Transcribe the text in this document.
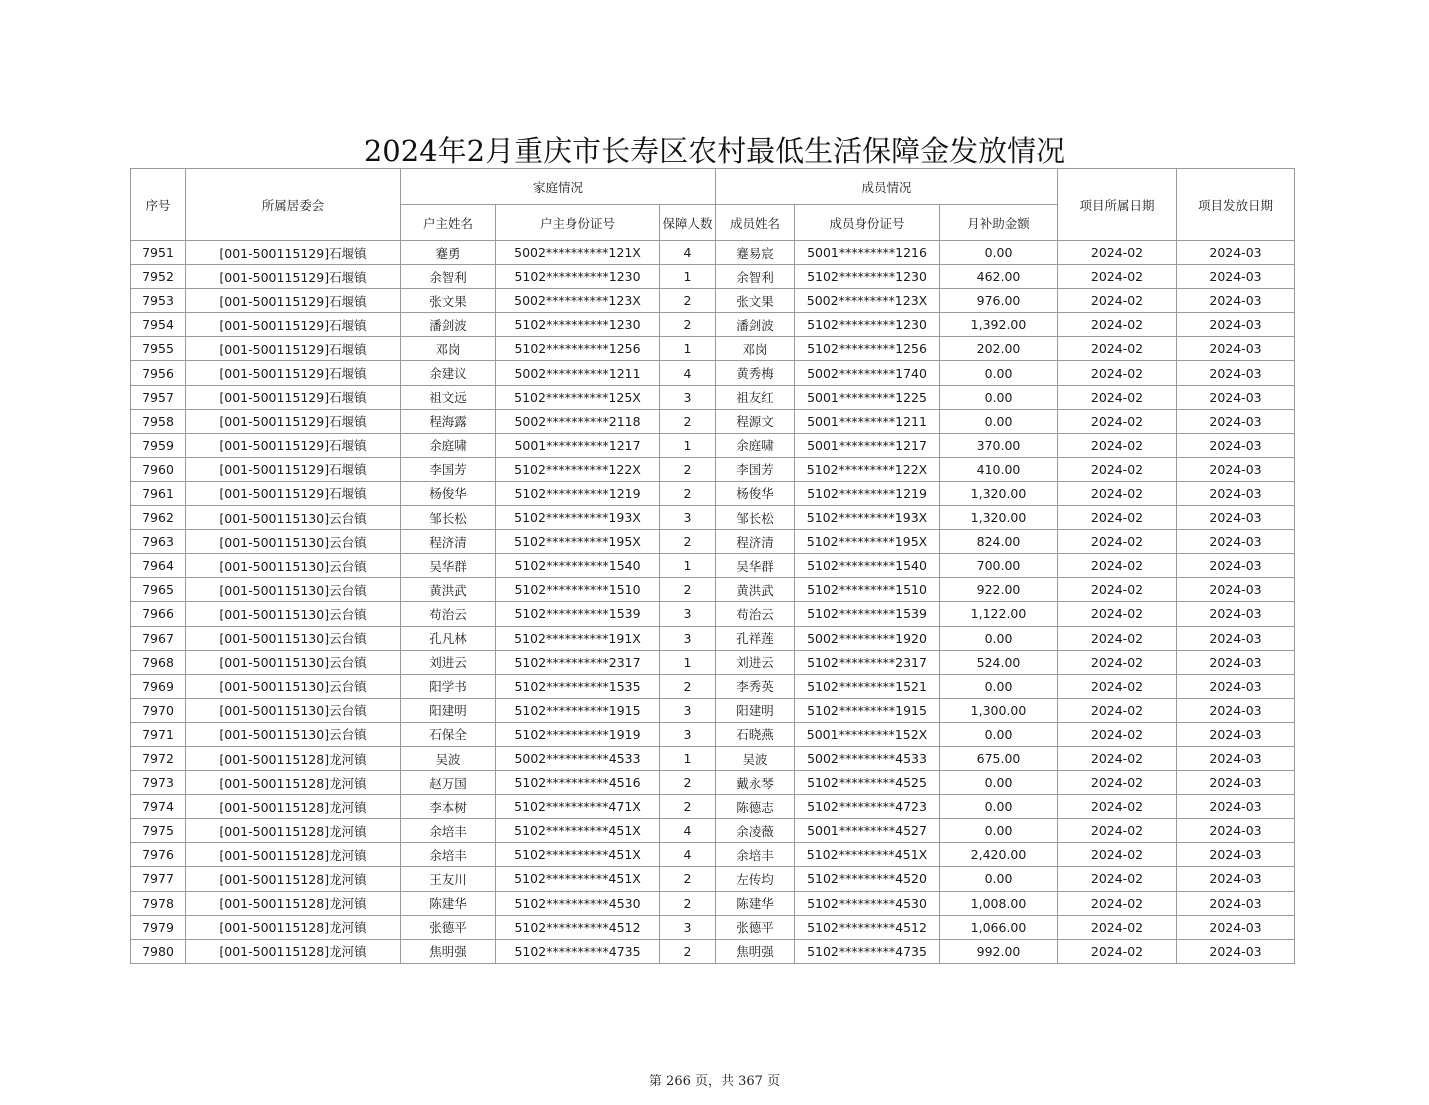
2024年2月重庆市长寿区农村最低生活保障金发放情况
序号	所属居委会	家庭情况			成员情况			项目所属日期	项目发放日期
		户主姓名	户主身份证号	保障人数	成员姓名	成员身份证号	月补助金额		
7951	[001-500115129]石堰镇	蹇勇	5002**********121X	4	蹇易宸	5001*********1216	0.00	2024-02	2024-03
7952	[001-500115129]石堰镇	余智利	5102**********1230	1	余智利	5102*********1230	462.00	2024-02	2024-03
7953	[001-500115129]石堰镇	张文果	5002**********123X	2	张文果	5002*********123X	976.00	2024-02	2024-03
7954	[001-500115129]石堰镇	潘剑波	5102**********1230	2	潘剑波	5102*********1230	1,392.00	2024-02	2024-03
7955	[001-500115129]石堰镇	邓岗	5102**********1256	1	邓岗	5102*********1256	202.00	2024-02	2024-03
7956	[001-500115129]石堰镇	余建议	5002**********1211	4	黄秀梅	5002*********1740	0.00	2024-02	2024-03
7957	[001-500115129]石堰镇	祖文远	5102**********125X	3	祖友红	5001*********1225	0.00	2024-02	2024-03
7958	[001-500115129]石堰镇	程海露	5002**********2118	2	程源文	5001*********1211	0.00	2024-02	2024-03
7959	[001-500115129]石堰镇	余庭啸	5001**********1217	1	余庭啸	5001*********1217	370.00	2024-02	2024-03
7960	[001-500115129]石堰镇	李国芳	5102**********122X	2	李国芳	5102*********122X	410.00	2024-02	2024-03
7961	[001-500115129]石堰镇	杨俊华	5102**********1219	2	杨俊华	5102*********1219	1,320.00	2024-02	2024-03
7962	[001-500115130]云台镇	邹长松	5102**********193X	3	邹长松	5102*********193X	1,320.00	2024-02	2024-03
7963	[001-500115130]云台镇	程济清	5102**********195X	2	程济清	5102*********195X	824.00	2024-02	2024-03
7964	[001-500115130]云台镇	吴华群	5102**********1540	1	吴华群	5102*********1540	700.00	2024-02	2024-03
7965	[001-500115130]云台镇	黄洪武	5102**********1510	2	黄洪武	5102*********1510	922.00	2024-02	2024-03
7966	[001-500115130]云台镇	苟治云	5102**********1539	3	苟治云	5102*********1539	1,122.00	2024-02	2024-03
7967	[001-500115130]云台镇	孔凡林	5102**********191X	3	孔祥莲	5002*********1920	0.00	2024-02	2024-03
7968	[001-500115130]云台镇	刘进云	5102**********2317	1	刘进云	5102*********2317	524.00	2024-02	2024-03
7969	[001-500115130]云台镇	阳学书	5102**********1535	2	李秀英	5102*********1521	0.00	2024-02	2024-03
7970	[001-500115130]云台镇	阳建明	5102**********1915	3	阳建明	5102*********1915	1,300.00	2024-02	2024-03
7971	[001-500115130]云台镇	石保全	5102**********1919	3	石晓燕	5001*********152X	0.00	2024-02	2024-03
7972	[001-500115128]龙河镇	吴波	5002**********4533	1	吴波	5002*********4533	675.00	2024-02	2024-03
7973	[001-500115128]龙河镇	赵万国	5102**********4516	2	戴永琴	5102*********4525	0.00	2024-02	2024-03
7974	[001-500115128]龙河镇	李本树	5102**********471X	2	陈德志	5102*********4723	0.00	2024-02	2024-03
7975	[001-500115128]龙河镇	余培丰	5102**********451X	4	余凌薇	5001*********4527	0.00	2024-02	2024-03
7976	[001-500115128]龙河镇	余培丰	5102**********451X	4	余培丰	5102*********451X	2,420.00	2024-02	2024-03
7977	[001-500115128]龙河镇	王友川	5102**********451X	2	左传均	5102*********4520	0.00	2024-02	2024-03
7978	[001-500115128]龙河镇	陈建华	5102**********4530	2	陈建华	5102*********4530	1,008.00	2024-02	2024-03
7979	[001-500115128]龙河镇	张德平	5102**********4512	3	张德平	5102*********4512	1,066.00	2024-02	2024-03
7980	[001-500115128]龙河镇	焦明强	5102**********4735	2	焦明强	5102*********4735	992.00	2024-02	2024-03
第 266 页，共 367 页
